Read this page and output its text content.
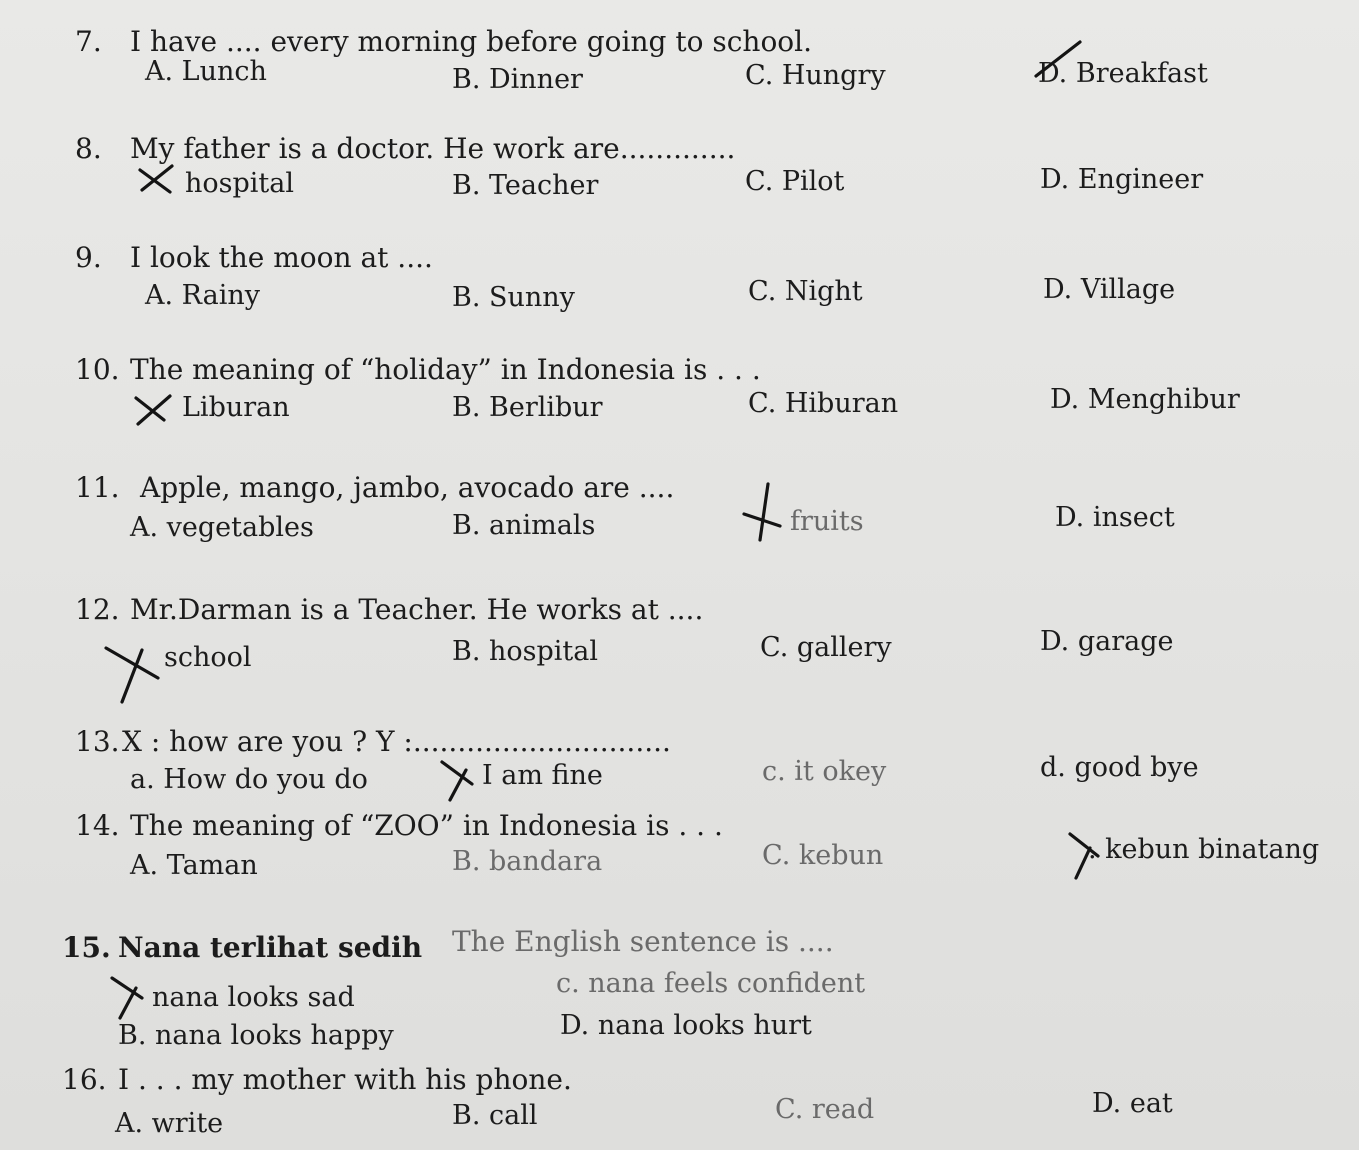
7. I have .... every morning before going to school.
A. Lunch	B. Dinner	C. Hungry	D. Breakfast
8. My father is a doctor. He work are.............
hospital	B. Teacher	C. Pilot	D. Engineer
9. I look the moon at ....
A. Rainy	B. Sunny	C. Night	D. Village
10. The meaning of “holiday” in Indonesia is . . .
Liburan	B. Berlibur	C. Hiburan	D. Menghibur
11. Apple, mango, jambo, avocado are ....
A. vegetables	B. animals	fruits	D. insect
12. Mr.Darman is a Teacher. He works at ....
school	B. hospital	C. gallery	D. garage
13. X : how are you ? Y :.............................
a. How do you do	I am fine	c. it okey	d. good bye
14. The meaning of “ZOO” in Indonesia is . . .
A. Taman	B. bandara	C. kebun	. kebun binatang
15. Nana terlihat sedih The English sentence is ....
nana looks sad	c. nana feels confident
B. nana looks happy	D. nana looks hurt
16. I . . . my mother with his phone.
A. write	B. call	C. read	D. eat
